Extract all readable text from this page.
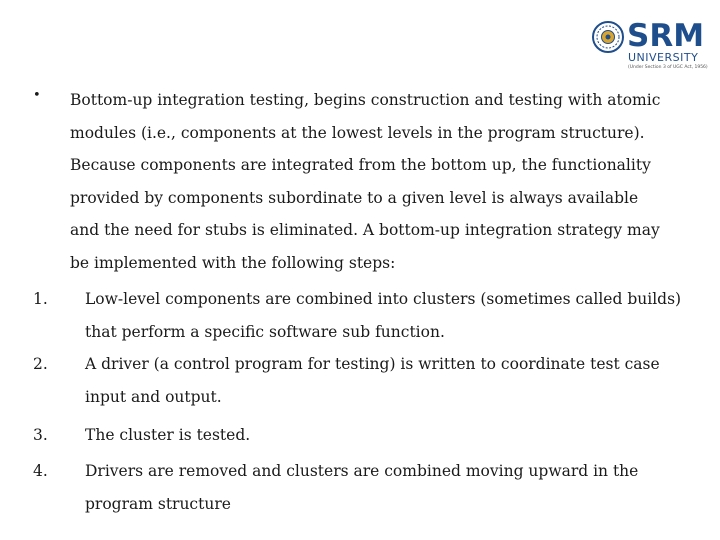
SRM
UNIVERSITY
(Under Section 3 of UGC Act, 1956)
• Bottom-up integration testing, begins construction and testing with atomic modules (i.e., components at the lowest levels in the program structure). Because components are integrated from the bottom up, the functionality provided by components subordinate to a given level is always available and the need for stubs is eliminated. A bottom-up integration strategy may be implemented with the following steps:
1. Low-level components are combined into clusters (sometimes called builds) that perform a specific software sub function.
2. A driver (a control program for testing) is written to coordinate test case input and output.
3. The cluster is tested.
4. Drivers are removed and clusters are combined moving upward in the program structure
